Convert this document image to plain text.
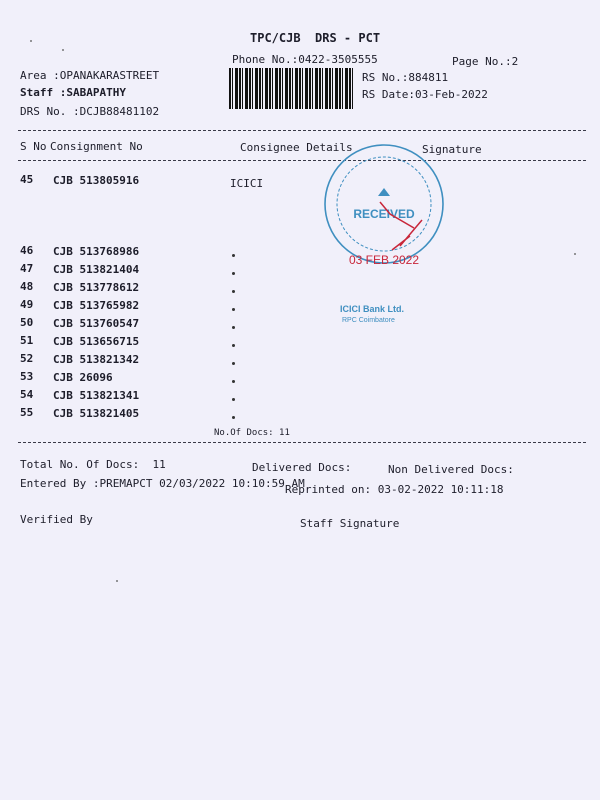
TPC/CJB  DRS - PCT
Phone No.:0422-3505555	Page No.:2
Area :OPANAKARASTREET
Staff :SABAPATHY
DRS No. :DCJB88481102
RS No.:884811
RS Date:03-Feb-2022
S No Consignment No	Consignee Details	Signature
45 CJB 513805916	ICICI
46 CJB 513768986
47 CJB 513821404
48 CJB 513778612
49 CJB 513765982
50 CJB 513760547
51 CJB 513656715
52 CJB 513821342
53 CJB 26096
54 CJB 513821341
55 CJB 513821405
No.Of Docs: 11
Total No. Of Docs:  11	Delivered Docs:	Non Delivered Docs:
Entered By :PREMAPCT 02/03/2022 10:10:59 AM
Reprinted on: 03-02-2022 10:11:18
Verified By	Staff Signature
RECEIVED
03 FEB 2022
ICICI Bank Ltd.
RPC Coimbatore
